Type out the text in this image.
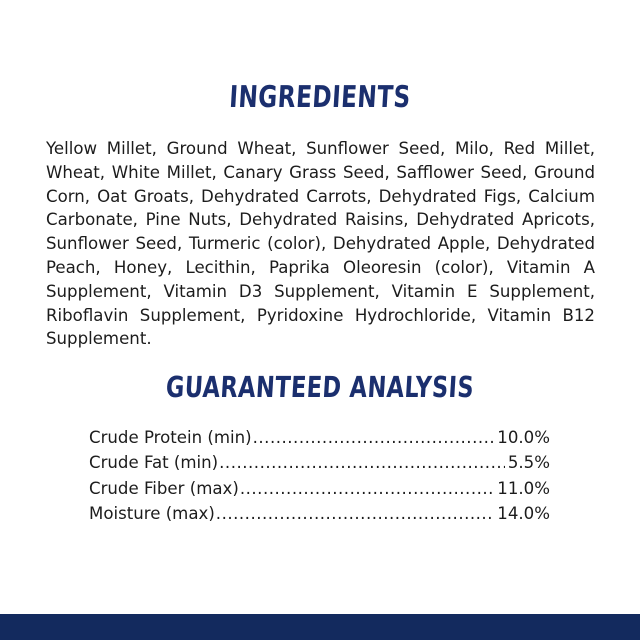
INGREDIENTS

Yellow Millet, Ground Wheat, Sunflower Seed, Milo, Red Millet, Wheat, White Millet, Canary Grass Seed, Safflower Seed, Ground Corn, Oat Groats, Dehydrated Carrots, Dehydrated Figs, Calcium Carbonate, Pine Nuts, Dehydrated Raisins, Dehydrated Apricots, Sunflower Seed, Turmeric (color), Dehydrated Apple, Dehydrated Peach, Honey, Lecithin, Paprika Oleoresin (color), Vitamin A Supplement, Vitamin D3 Supplement, Vitamin E Supplement, Riboflavin Supplement, Pyridoxine Hydrochloride, Vitamin B12 Supplement.

GUARANTEED ANALYSIS
Crude Protein (min) .....	10.0%
Crude Fat (min) .....	5.5%
Crude Fiber (max) .....	11.0%
Moisture (max) .....	14.0%
